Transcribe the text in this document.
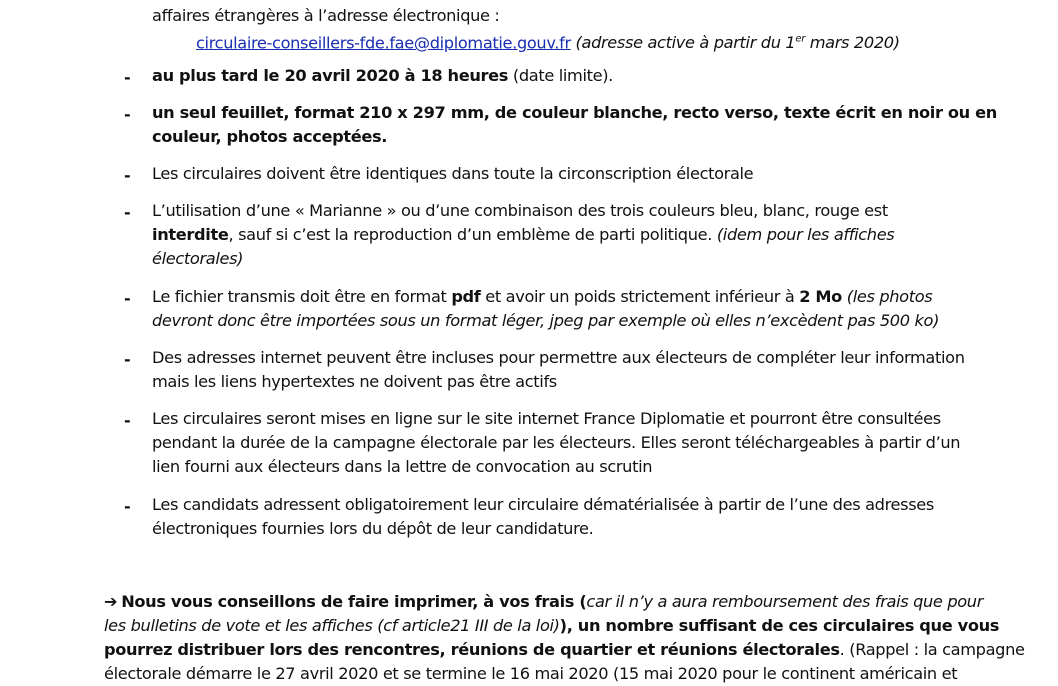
affaires étrangères à l’adresse électronique :
circulaire-conseillers-fde.fae@diplomatie.gouv.fr (adresse active à partir du 1er mars 2020)
- au plus tard le 20 avril 2020 à 18 heures (date limite).
- un seul feuillet, format 210 x 297 mm, de couleur blanche, recto verso, texte écrit en noir ou en
couleur, photos acceptées.
- Les circulaires doivent être identiques dans toute la circonscription électorale
- L’utilisation d’une « Marianne » ou d’une combinaison des trois couleurs bleu, blanc, rouge est
interdite, sauf si c’est la reproduction d’un emblème de parti politique. (idem pour les affiches
électorales)
- Le fichier transmis doit être en format pdf et avoir un poids strictement inférieur à 2 Mo (les photos
devront donc être importées sous un format léger, jpeg par exemple où elles n’excèdent pas 500 ko)
- Des adresses internet peuvent être incluses pour permettre aux électeurs de compléter leur information
mais les liens hypertextes ne doivent pas être actifs
- Les circulaires seront mises en ligne sur le site internet France Diplomatie et pourront être consultées
pendant la durée de la campagne électorale par les électeurs. Elles seront téléchargeables à partir d’un
lien fourni aux électeurs dans la lettre de convocation au scrutin
- Les candidats adressent obligatoirement leur circulaire dématérialisée à partir de l’une des adresses
électroniques fournies lors du dépôt de leur candidature.
➔ Nous vous conseillons de faire imprimer, à vos frais (car il n’y a aura remboursement des frais que pour
les bulletins de vote et les affiches (cf article21 III de la loi)), un nombre suffisant de ces circulaires que vous
pourrez distribuer lors des rencontres, réunions de quartier et réunions électorales. (Rappel : la campagne
électorale démarre le 27 avril 2020 et se termine le 16 mai 2020 (15 mai 2020 pour le continent américain et
